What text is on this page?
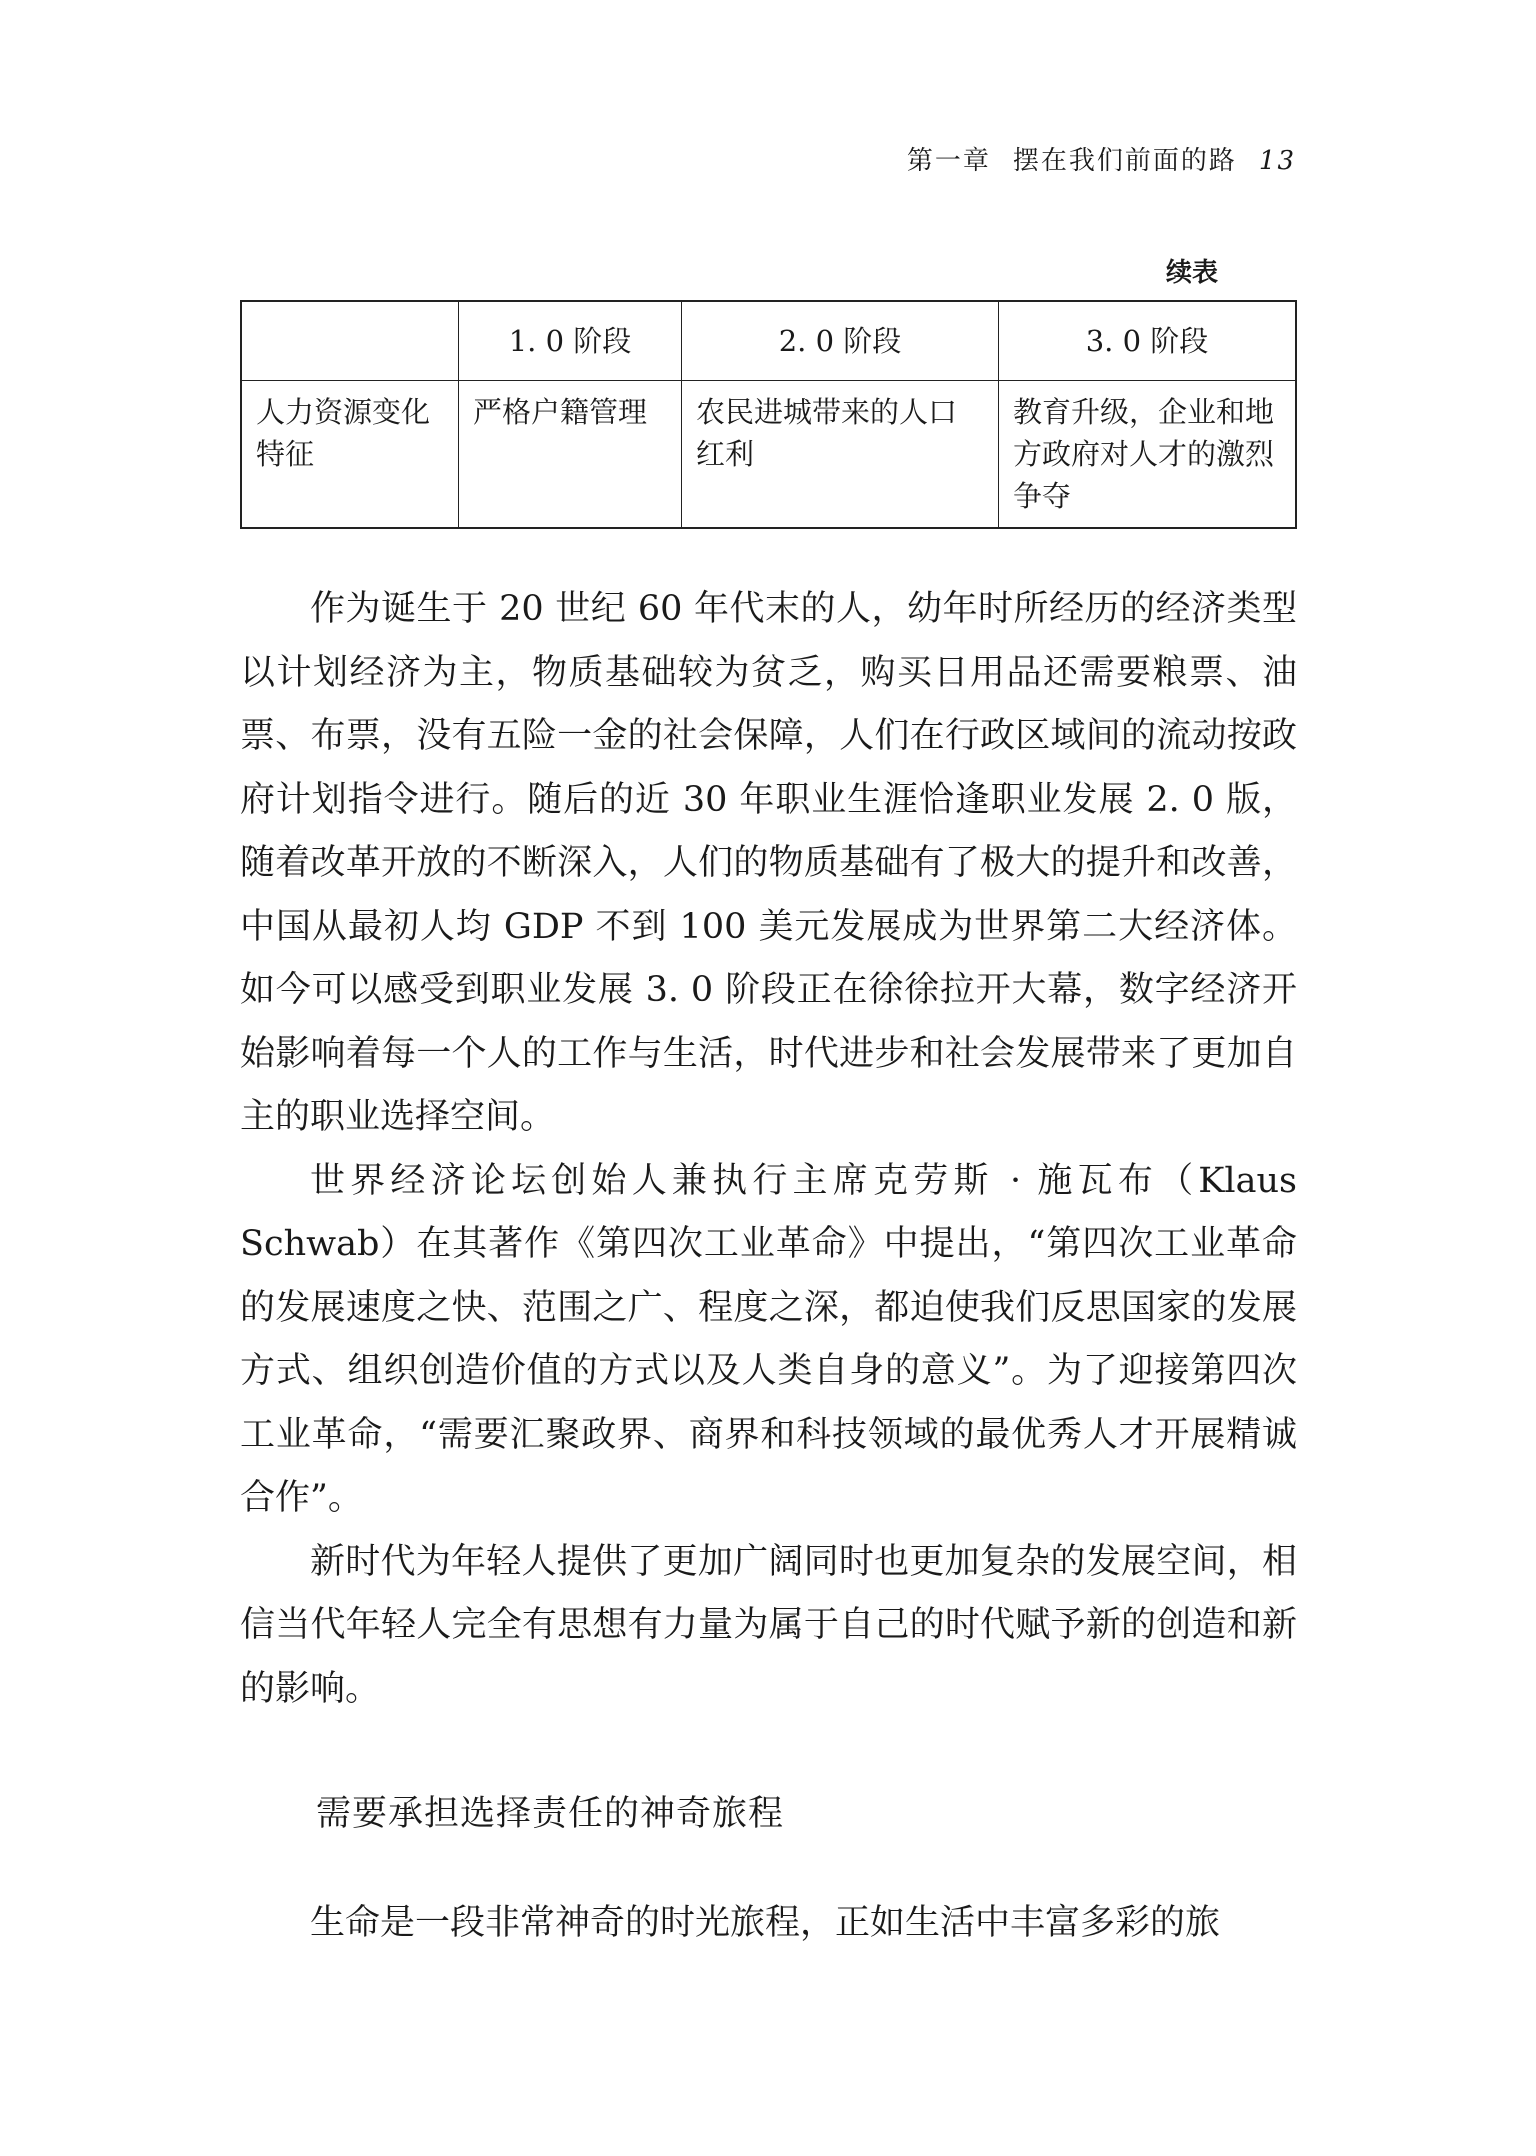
第一章 摆在我们前面的路 13
续表
	1. 0 阶段	2. 0 阶段	3. 0 阶段
人力资源变化特征	严格户籍管理	农民进城带来的人口红利	教育升级，企业和地方政府对人才的激烈争夺

作为诞生于 20 世纪 60 年代末的人，幼年时所经历的经济类型以计划经济为主，物质基础较为贫乏，购买日用品还需要粮票、油票、布票，没有五险一金的社会保障，人们在行政区域间的流动按政府计划指令进行。随后的近 30 年职业生涯恰逢职业发展 2. 0 版，随着改革开放的不断深入，人们的物质基础有了极大的提升和改善，中国从最初人均 GDP 不到 100 美元发展成为世界第二大经济体。如今可以感受到职业发展 3. 0 阶段正在徐徐拉开大幕，数字经济开始影响着每一个人的工作与生活，时代进步和社会发展带来了更加自主的职业选择空间。

世界经济论坛创始人兼执行主席克劳斯 · 施瓦布（Klaus Schwab）在其著作《第四次工业革命》中提出，“第四次工业革命的发展速度之快、范围之广、程度之深，都迫使我们反思国家的发展方式、组织创造价值的方式以及人类自身的意义”。为了迎接第四次工业革命，“需要汇聚政界、商界和科技领域的最优秀人才开展精诚合作”。

新时代为年轻人提供了更加广阔同时也更加复杂的发展空间，相信当代年轻人完全有思想有力量为属于自己的时代赋予新的创造和新的影响。

需要承担选择责任的神奇旅程

生命是一段非常神奇的时光旅程，正如生活中丰富多彩的旅
